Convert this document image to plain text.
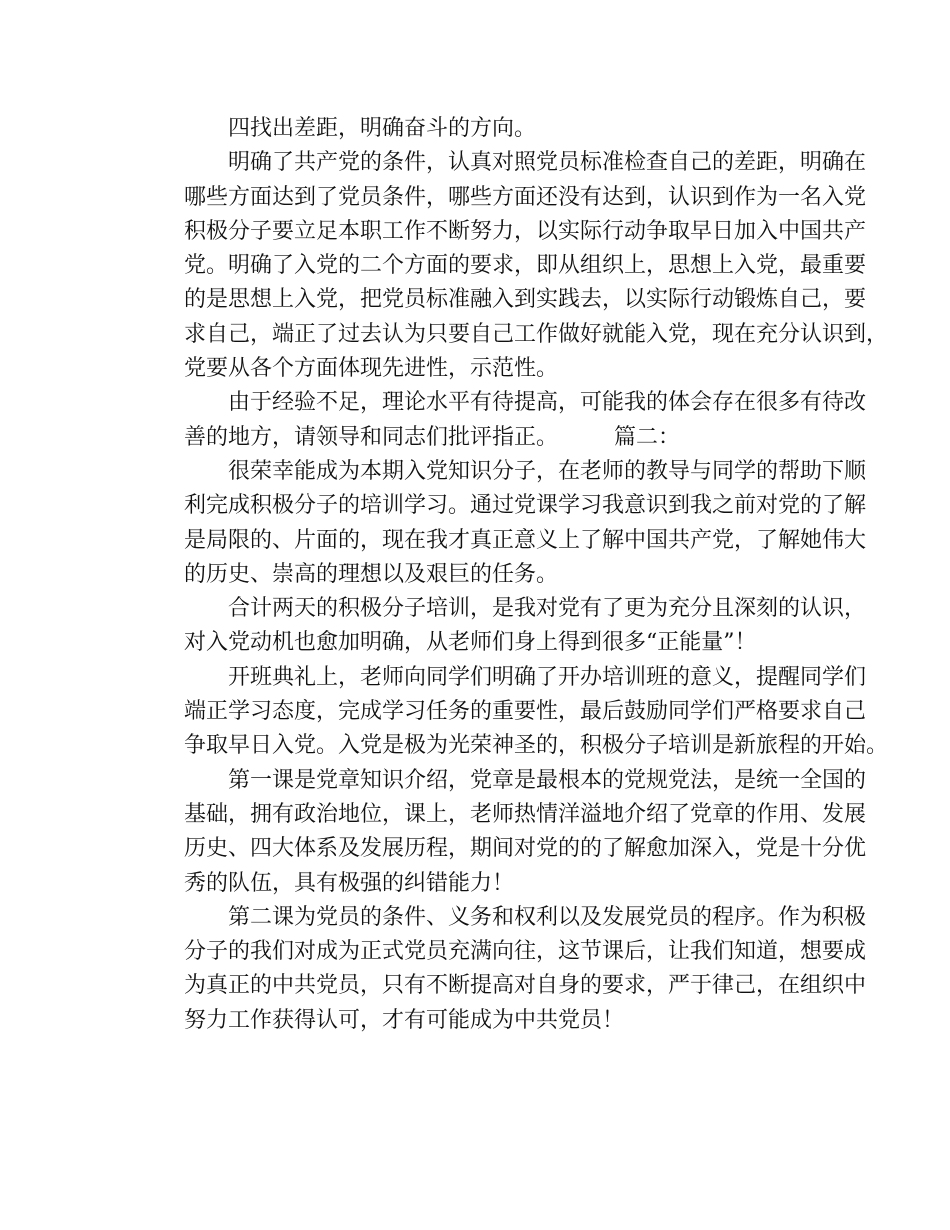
四找出差距，明确奋斗的方向。
明确了共产党的条件，认真对照党员标准检查自己的差距，明确在
哪些方面达到了党员条件，哪些方面还没有达到，认识到作为一名入党
积极分子要立足本职工作不断努力，以实际行动争取早日加入中国共产
党。明确了入党的二个方面的要求，即从组织上，思想上入党，最重要
的是思想上入党，把党员标准融入到实践去，以实际行动锻炼自己，要
求自己，端正了过去认为只要自己工作做好就能入党，现在充分认识到，
党要从各个方面体现先进性，示范性。
由于经验不足，理论水平有待提高，可能我的体会存在很多有待改
善的地方，请领导和同志们批评指正。        篇二：
很荣幸能成为本期入党知识分子，在老师的教导与同学的帮助下顺
利完成积极分子的培训学习。通过党课学习我意识到我之前对党的了解
是局限的、片面的，现在我才真正意义上了解中国共产党，了解她伟大
的历史、崇高的理想以及艰巨的任务。
合计两天的积极分子培训，是我对党有了更为充分且深刻的认识，
对入党动机也愈加明确，从老师们身上得到很多“正能量”！
开班典礼上，老师向同学们明确了开办培训班的意义，提醒同学们
端正学习态度，完成学习任务的重要性，最后鼓励同学们严格要求自己
争取早日入党。入党是极为光荣神圣的，积极分子培训是新旅程的开始。
第一课是党章知识介绍，党章是最根本的党规党法，是统一全国的
基础，拥有政治地位，课上，老师热情洋溢地介绍了党章的作用、发展
历史、四大体系及发展历程，期间对党的的了解愈加深入，党是十分优
秀的队伍，具有极强的纠错能力！
第二课为党员的条件、义务和权利以及发展党员的程序。作为积极
分子的我们对成为正式党员充满向往，这节课后，让我们知道，想要成
为真正的中共党员，只有不断提高对自身的要求，严于律己，在组织中
努力工作获得认可，才有可能成为中共党员！
